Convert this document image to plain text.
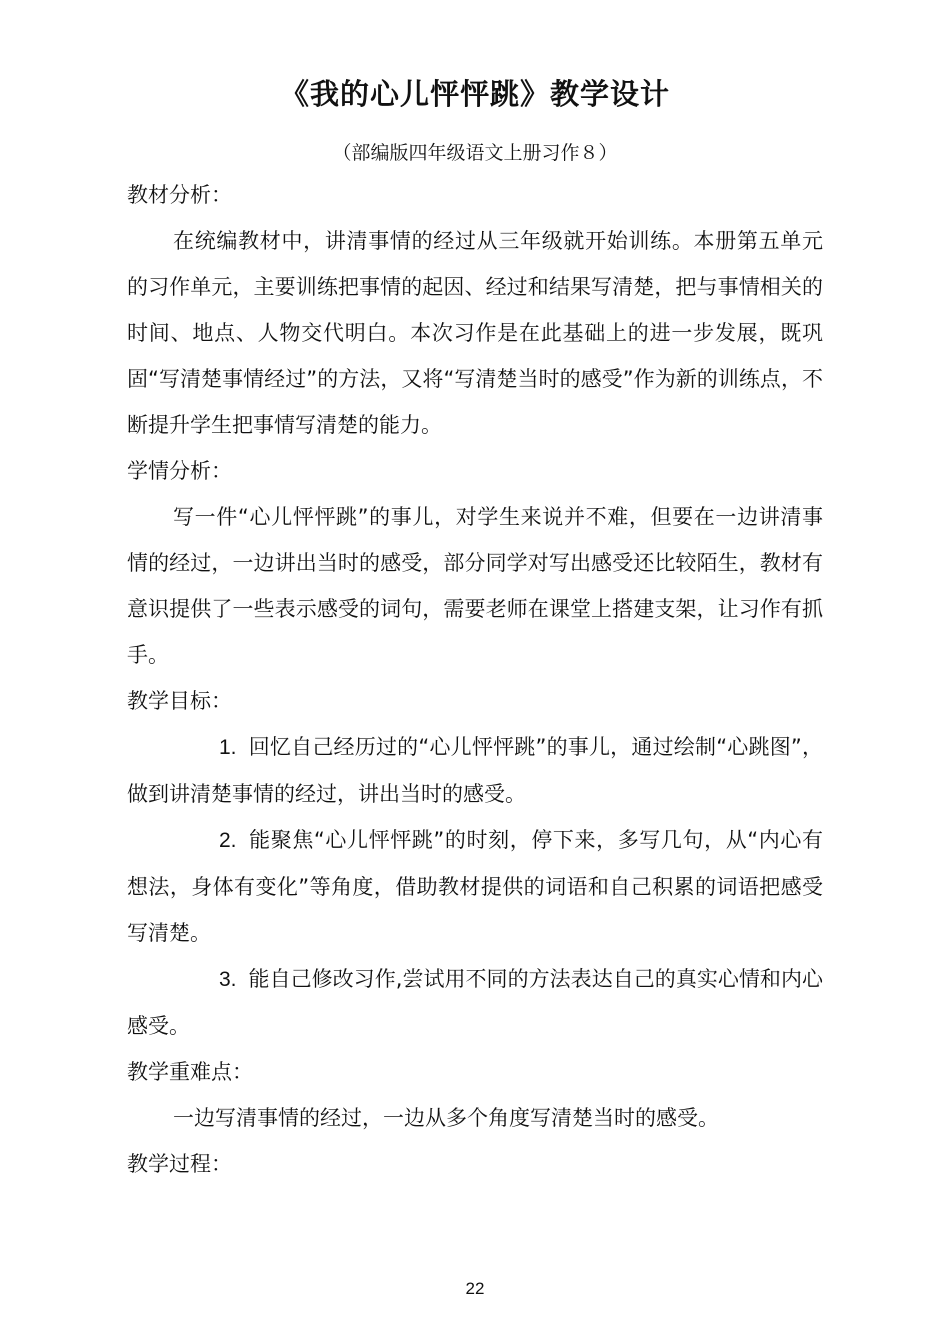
《我的心儿怦怦跳》教学设计
（部编版四年级语文上册习作８）

教材分析：

在统编教材中，讲清事情的经过从三年级就开始训练。本册第五单元的习作单元，主要训练把事情的起因、经过和结果写清楚，把与事情相关的时间、地点、人物交代明白。本次习作是在此基础上的进一步发展，既巩固“写清楚事情经过”的方法，又将“写清楚当时的感受”作为新的训练点，不断提升学生把事情写清楚的能力。

学情分析：

写一件“心儿怦怦跳”的事儿，对学生来说并不难，但要在一边讲清事情的经过，一边讲出当时的感受，部分同学对写出感受还比较陌生，教材有意识提供了一些表示感受的词句，需要老师在课堂上搭建支架，让习作有抓手。

教学目标：

1. 回忆自己经历过的“心儿怦怦跳”的事儿，通过绘制“心跳图”，做到讲清楚事情的经过，讲出当时的感受。

2. 能聚焦“心儿怦怦跳”的时刻，停下来，多写几句，从“内心有想法，身体有变化”等角度，借助教材提供的词语和自己积累的词语把感受写清楚。

3. 能自己修改习作,尝试用不同的方法表达自己的真实心情和内心感受。

教学重难点：

一边写清事情的经过，一边从多个角度写清楚当时的感受。

教学过程：

22
